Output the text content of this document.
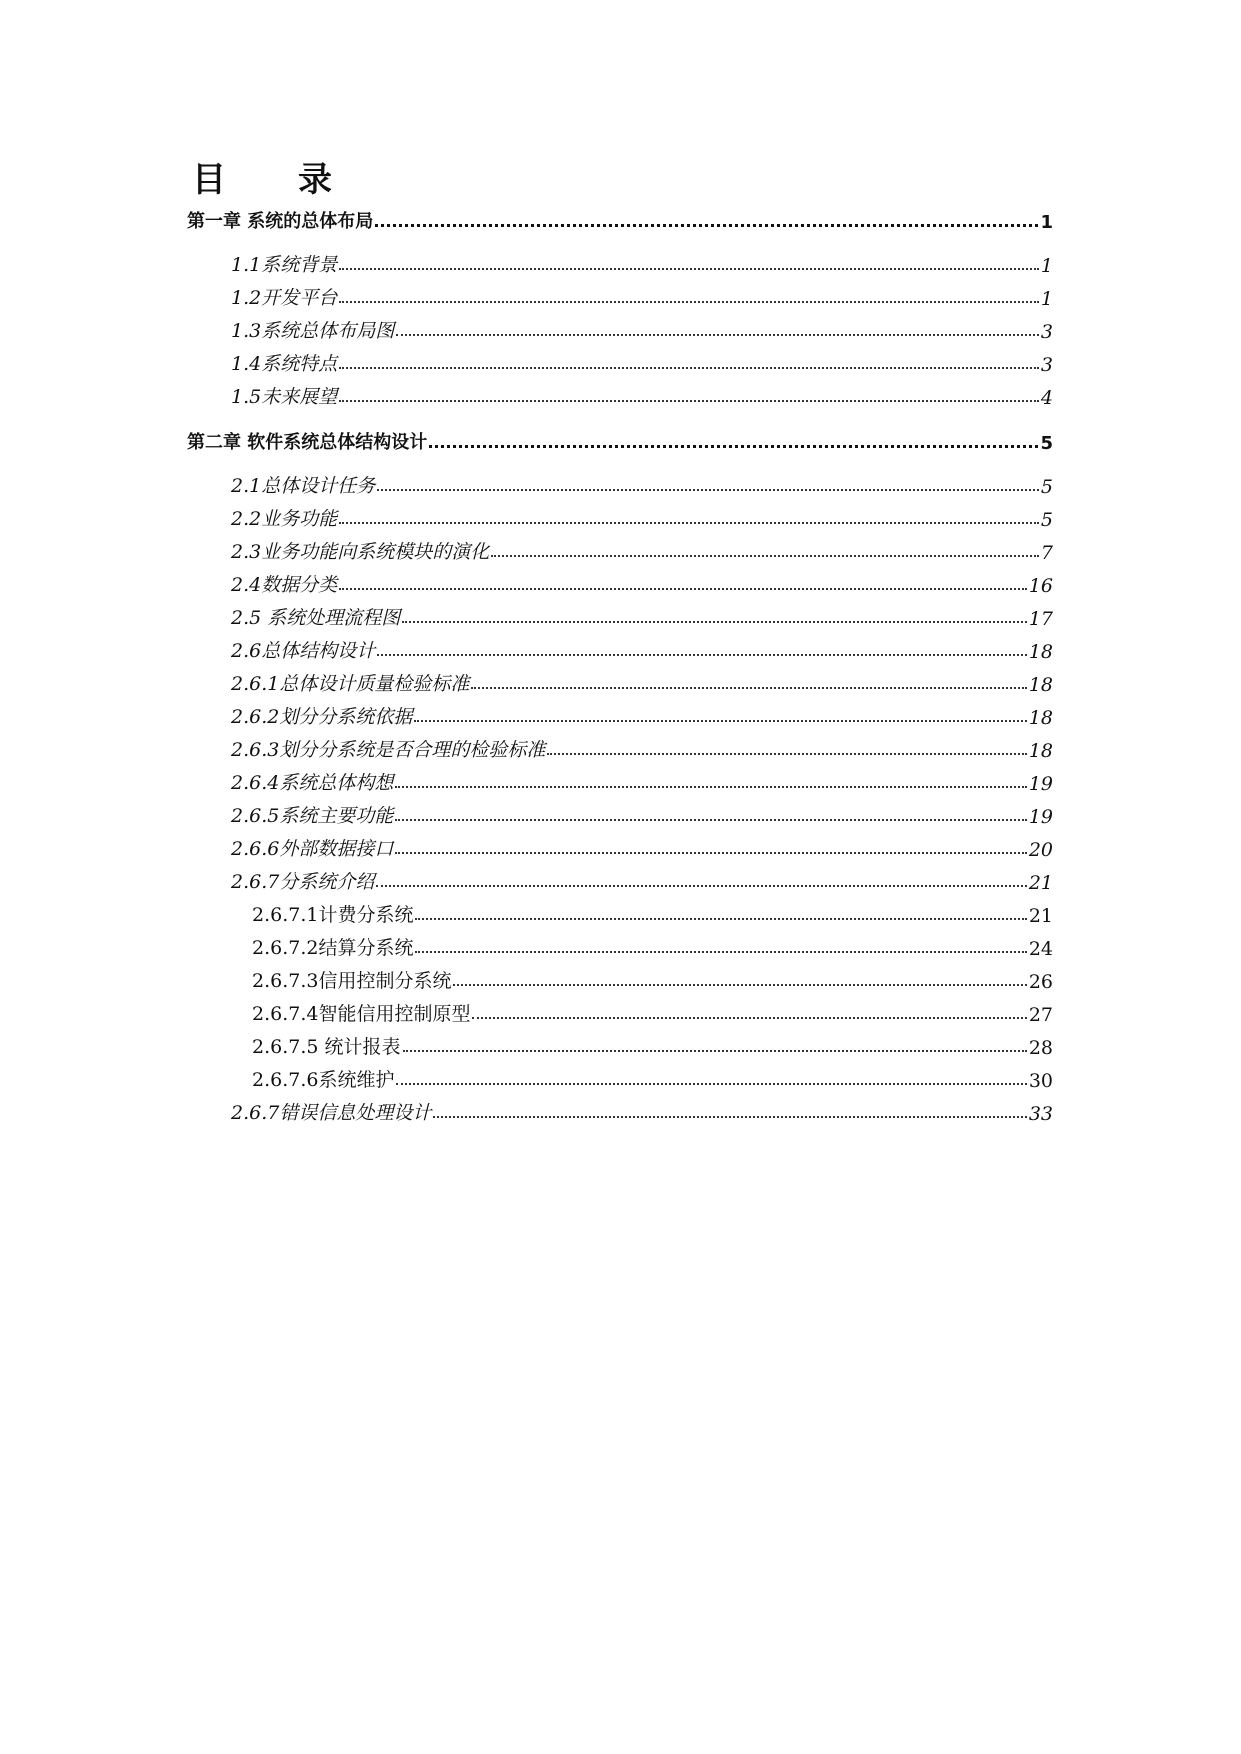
目 录
第一章 系统的总体布局	1
1.1系统背景	1
1.2开发平台	1
1.3系统总体布局图	3
1.4系统特点	3
1.5未来展望	4
第二章 软件系统总体结构设计	5
2.1总体设计任务	5
2.2业务功能	5
2.3业务功能向系统模块的演化	7
2.4数据分类	16
2.5 系统处理流程图	17
2.6总体结构设计	18
2.6.1总体设计质量检验标准	18
2.6.2划分分系统依据	18
2.6.3划分分系统是否合理的检验标准	18
2.6.4系统总体构想	19
2.6.5系统主要功能	19
2.6.6外部数据接口	20
2.6.7分系统介绍	21
2.6.7.1计费分系统	21
2.6.7.2结算分系统	24
2.6.7.3信用控制分系统	26
2.6.7.4智能信用控制原型	27
2.6.7.5 统计报表	28
2.6.7.6系统维护	30
2.6.7错误信息处理设计	33
